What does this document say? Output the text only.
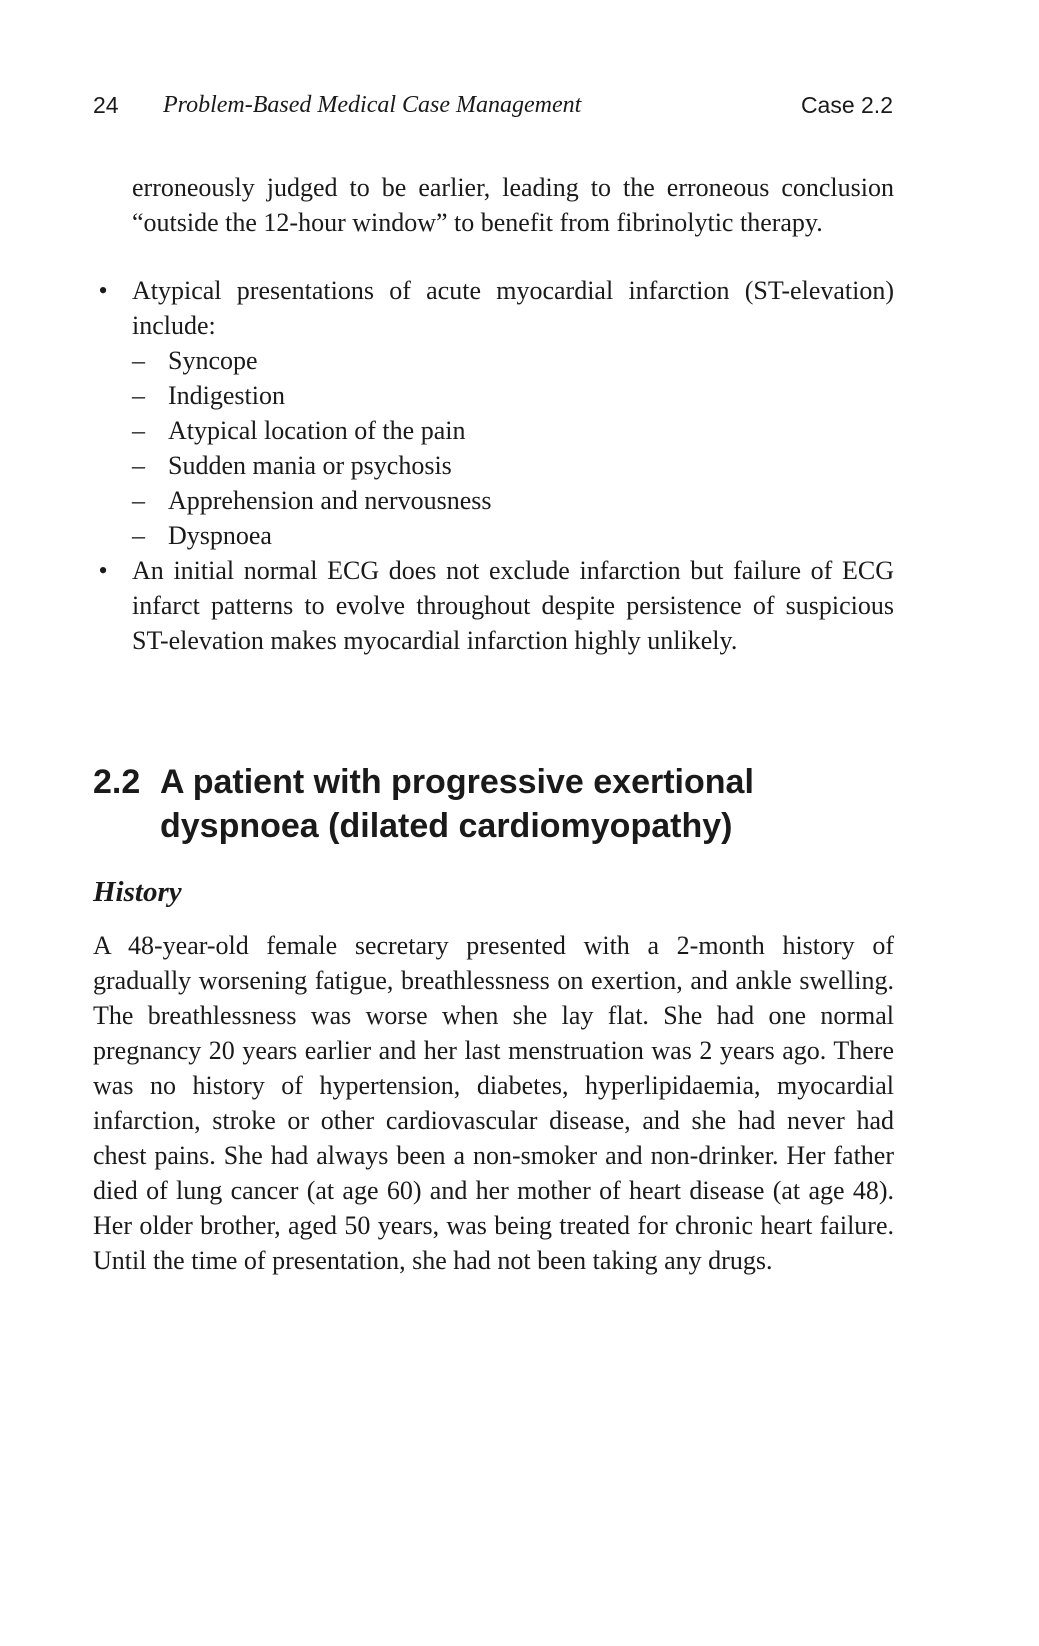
24 Problem-Based Medical Case Management	Case 2.2

erroneously judged to be earlier, leading to the erroneous conclusion “outside the 12-hour window” to benefit from fibrinolytic therapy.

• Atypical presentations of acute myocardial infarction (ST-elevation) include:
– Syncope
– Indigestion
– Atypical location of the pain
– Sudden mania or psychosis
– Apprehension and nervousness
– Dyspnoea
• An initial normal ECG does not exclude infarction but failure of ECG infarct patterns to evolve throughout despite persistence of suspicious ST-elevation makes myocardial infarction highly unlikely.
2.2 A patient with progressive exertional dyspnoea (dilated cardiomyopathy)
History

A 48-year-old female secretary presented with a 2-month history of gradually worsening fatigue, breathlessness on exertion, and ankle swelling. The breathlessness was worse when she lay flat. She had one normal pregnancy 20 years earlier and her last menstruation was 2 years ago. There was no history of hypertension, diabetes, hyperlipidaemia, myocardial infarction, stroke or other cardiovascular disease, and she had never had chest pains. She had always been a non-smoker and non-drinker. Her father died of lung cancer (at age 60) and her mother of heart disease (at age 48). Her older brother, aged 50 years, was being treated for chronic heart failure. Until the time of presentation, she had not been taking any drugs.
